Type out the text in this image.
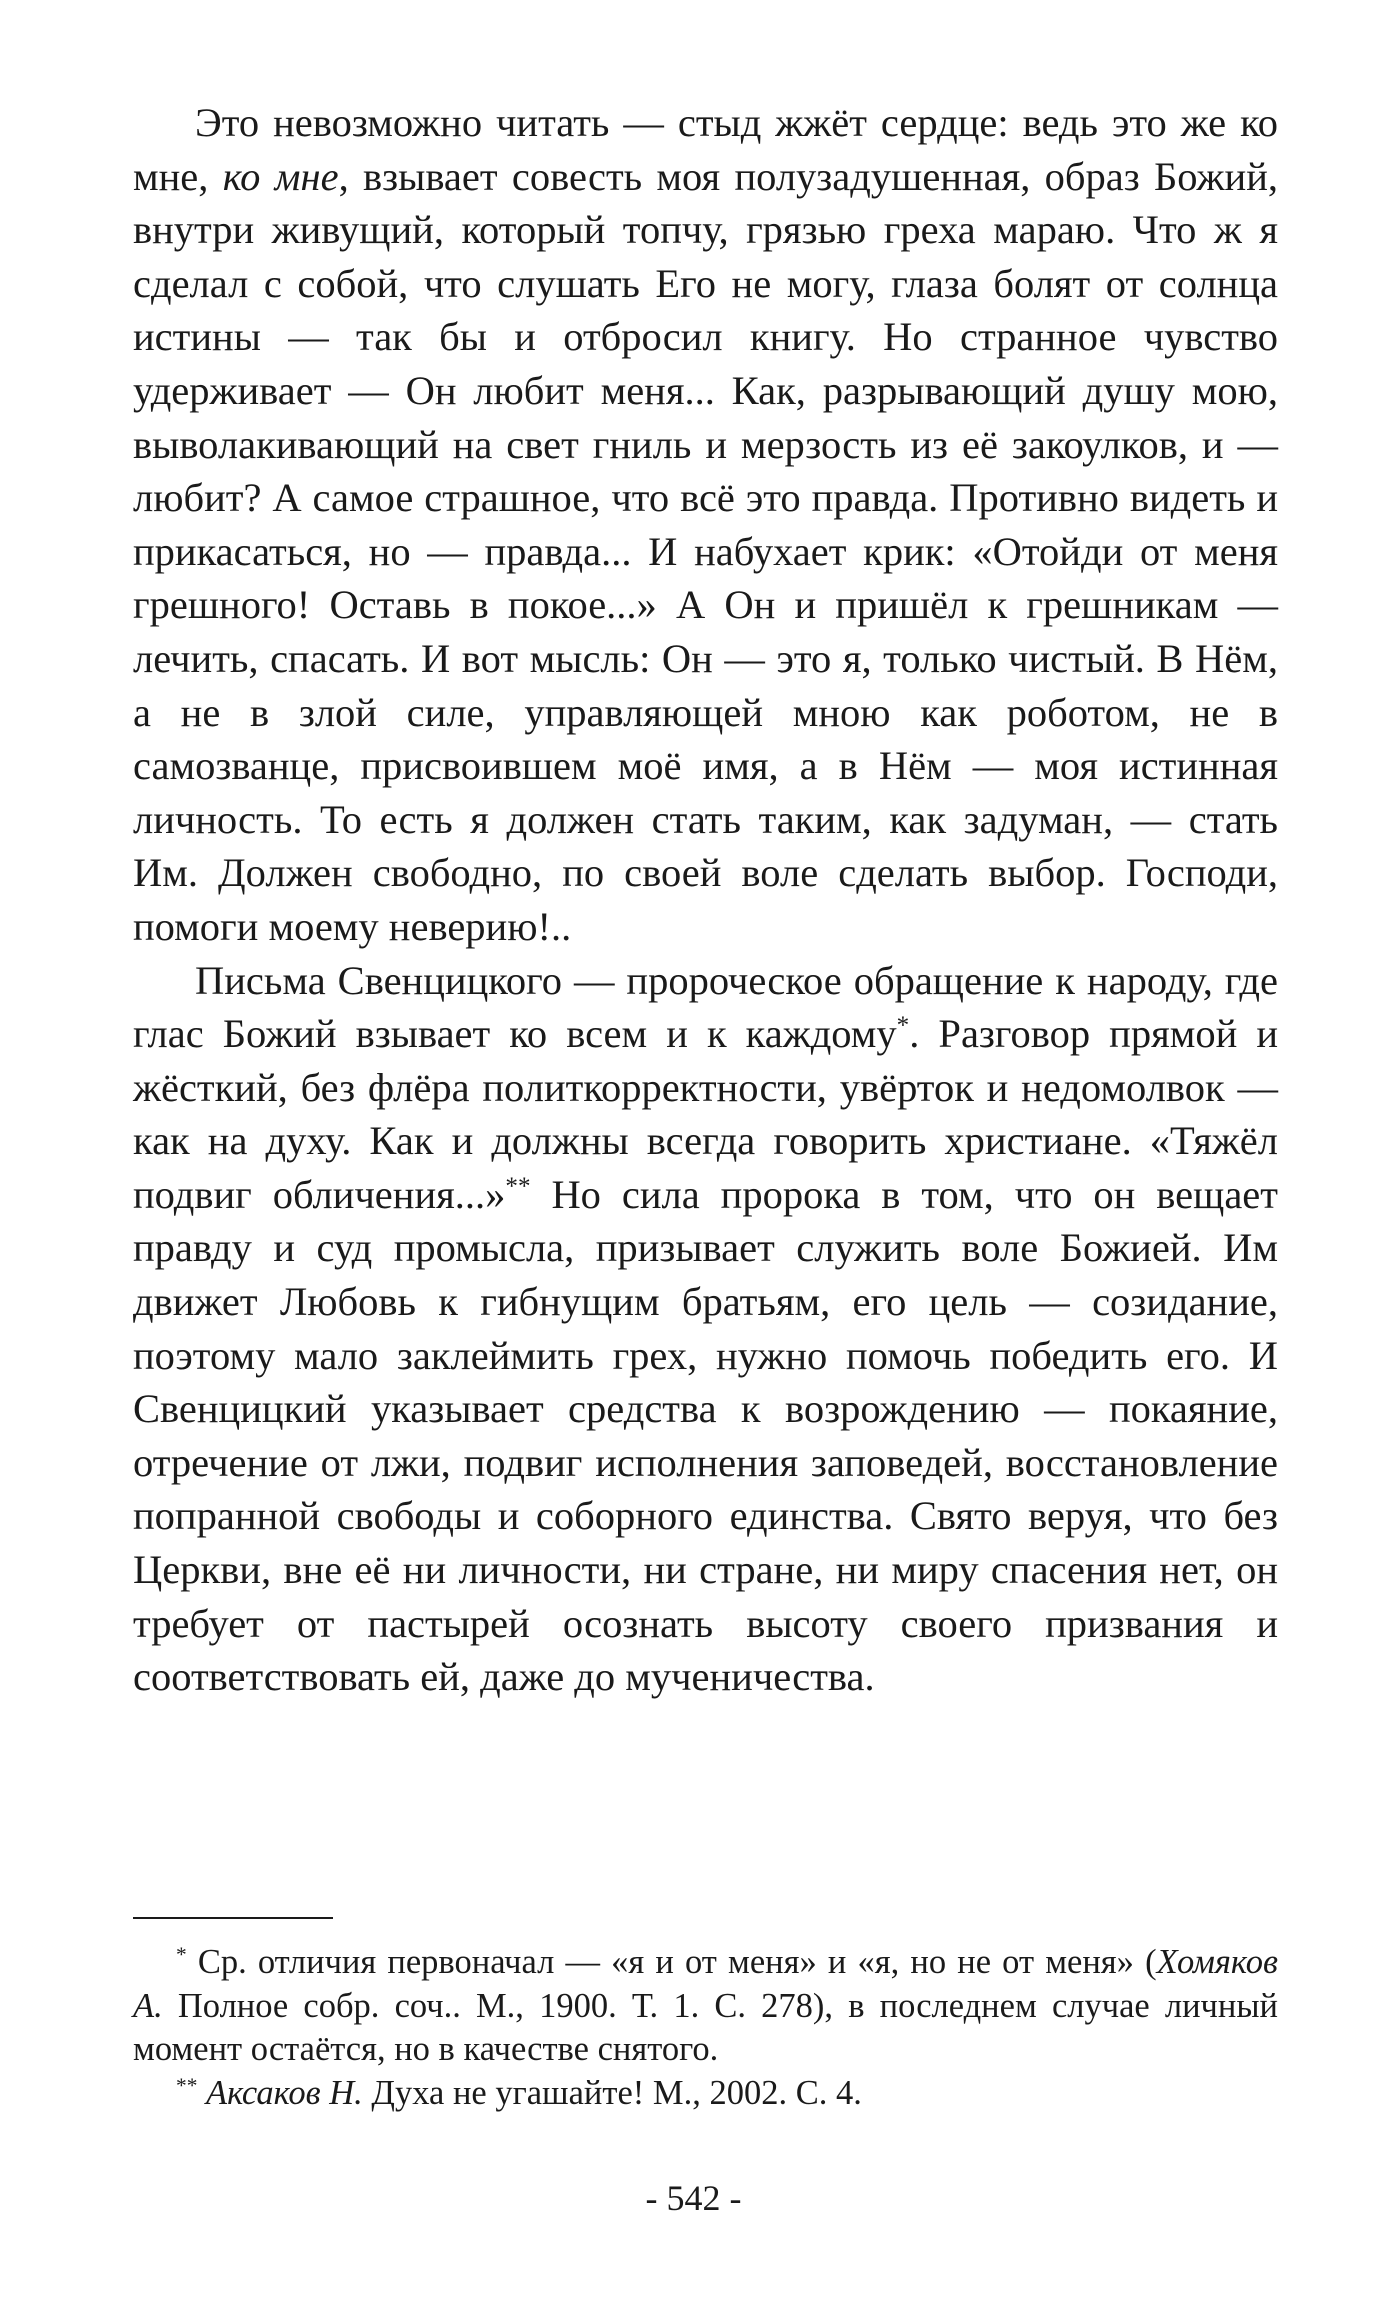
Это невозможно читать — стыд жжёт сердце: ведь это же ко мне, ко мне, взывает совесть моя полузадушенная, образ Божий, внутри живущий, который топчу, грязью греха мараю. Что ж я сделал с собой, что слушать Его не могу, глаза болят от солнца истины — так бы и отбросил книгу. Но странное чувство удерживает — Он любит меня... Как, разрывающий душу мою, выволакивающий на свет гниль и мерзость из её закоулков, и — любит? А самое страшное, что всё это правда. Противно видеть и прикасаться, но — правда... И набухает крик: «Отойди от меня грешного! Оставь в покое...» А Он и пришёл к грешникам — лечить, спасать. И вот мысль: Он — это я, только чистый. В Нём, а не в злой силе, управляющей мною как роботом, не в самозванце, присвоившем моё имя, а в Нём — моя истинная личность. То есть я должен стать таким, как задуман, — стать Им. Должен свободно, по своей воле сделать выбор. Господи, помоги моему неверию!..

Письма Свенцицкого — пророческое обращение к народу, где глас Божий взывает ко всем и к каждому*. Разговор прямой и жёсткий, без флёра политкорректности, увёрток и недомолвок — как на духу. Как и должны всегда говорить христиане. «Тяжёл подвиг обличения...»** Но сила пророка в том, что он вещает правду и суд промысла, призывает служить воле Божией. Им движет Любовь к гибнущим братьям, его цель — созидание, поэтому мало заклеймить грех, нужно помочь победить его. И Свенцицкий указывает средства к возрождению — покаяние, отречение от лжи, подвиг исполнения заповедей, восстановление попранной свободы и соборного единства. Свято веруя, что без Церкви, вне её ни личности, ни стране, ни миру спасения нет, он требует от пастырей осознать высоту своего призвания и соответствовать ей, даже до мученичества.

* Ср. отличия первоначал — «я и от меня» и «я, но не от меня» (Хомяков А. Полное собр. соч.. М., 1900. Т. 1. С. 278), в последнем случае личный момент остаётся, но в качестве снятого.

** Аксаков Н. Духа не угашайте! М., 2002. С. 4.

- 542 -
